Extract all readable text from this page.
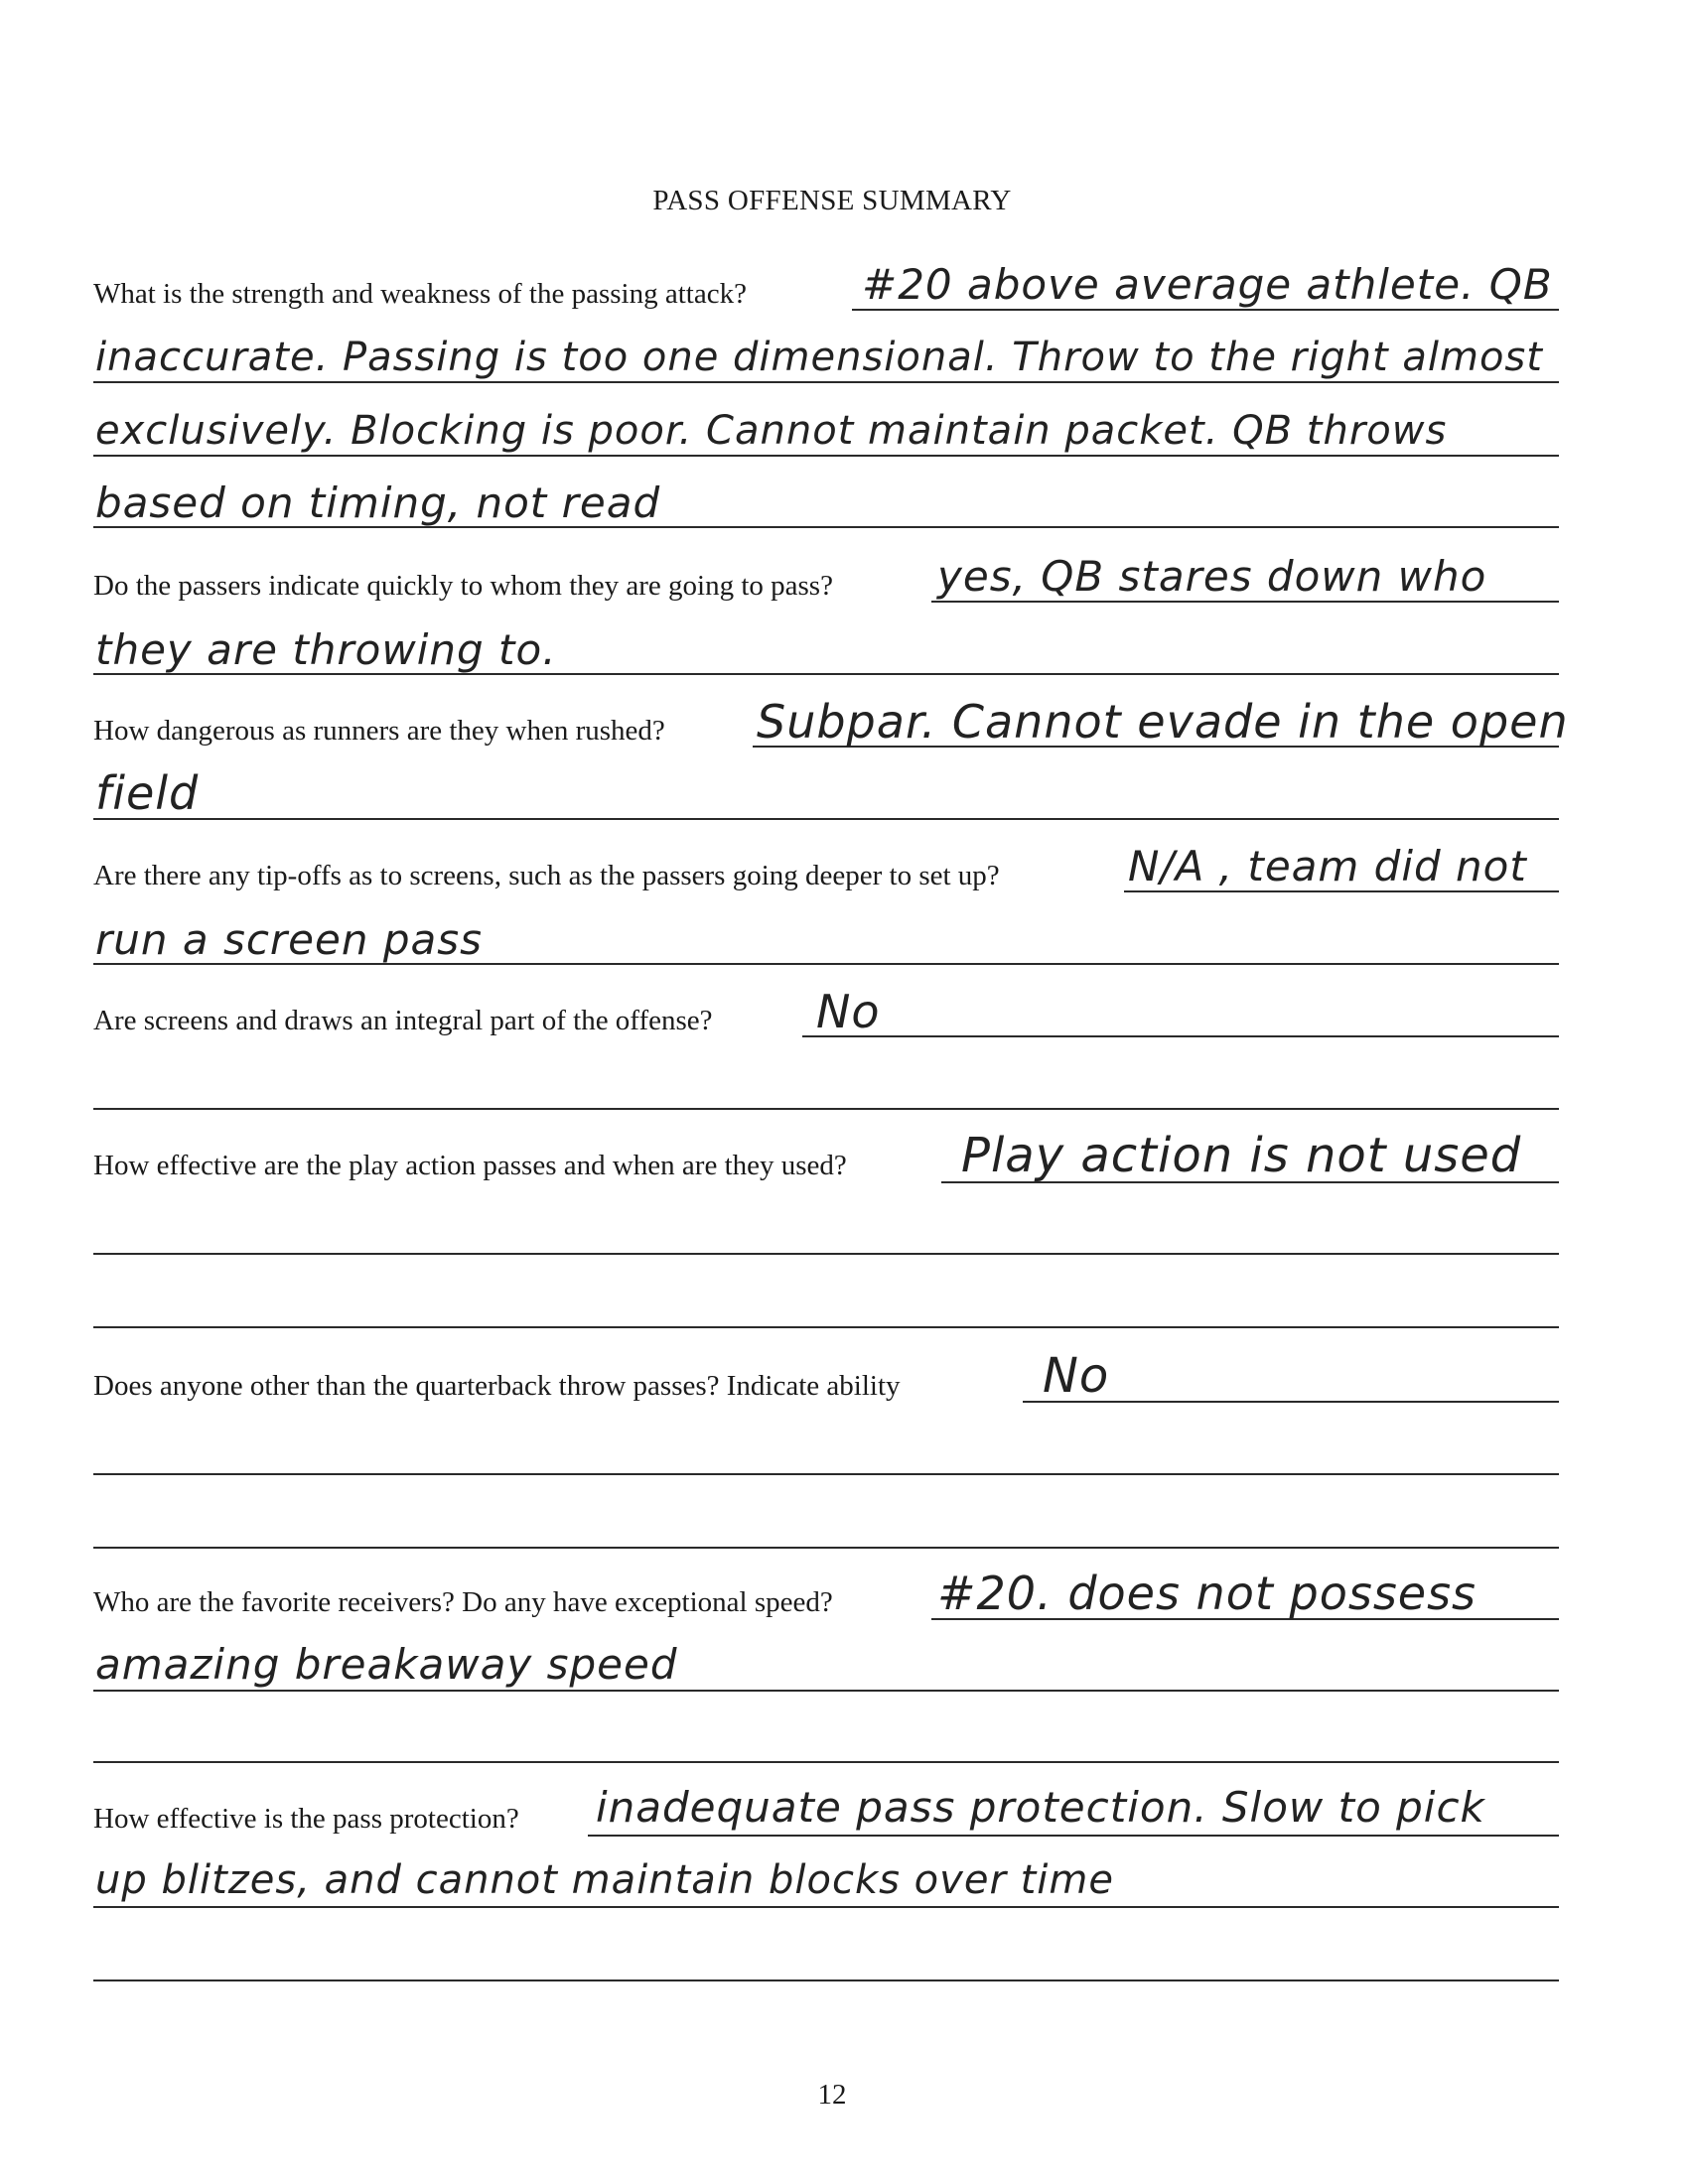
PASS OFFENSE SUMMARY
What is the strength and weakness of the passing attack?	#20 above average athlete. QB
inaccurate. Passing is too one dimensional. Throw to the right almost
exclusively. Blocking is poor. Cannot maintain packet. QB throws
based on timing, not read
Do the passers indicate quickly to whom they are going to pass?	yes, QB stares down who
they are throwing to.
How dangerous as runners are they when rushed? Subpar. Cannot evade in the open
field
Are there any tip-offs as to screens, such as the passers going deeper to set up?	N/A , team did not
run a screen pass
Are screens and draws an integral part of the offense? No
How effective are the play action passes and when are they used? Play action is not used
Does anyone other than the quarterback throw passes? Indicate ability	No
Who are the favorite receivers? Do any have exceptional speed? #20. does not possess
amazing breakaway speed
How effective is the pass protection? inadequate pass protection. Slow to pick
up blitzes, and cannot maintain blocks over time
12
